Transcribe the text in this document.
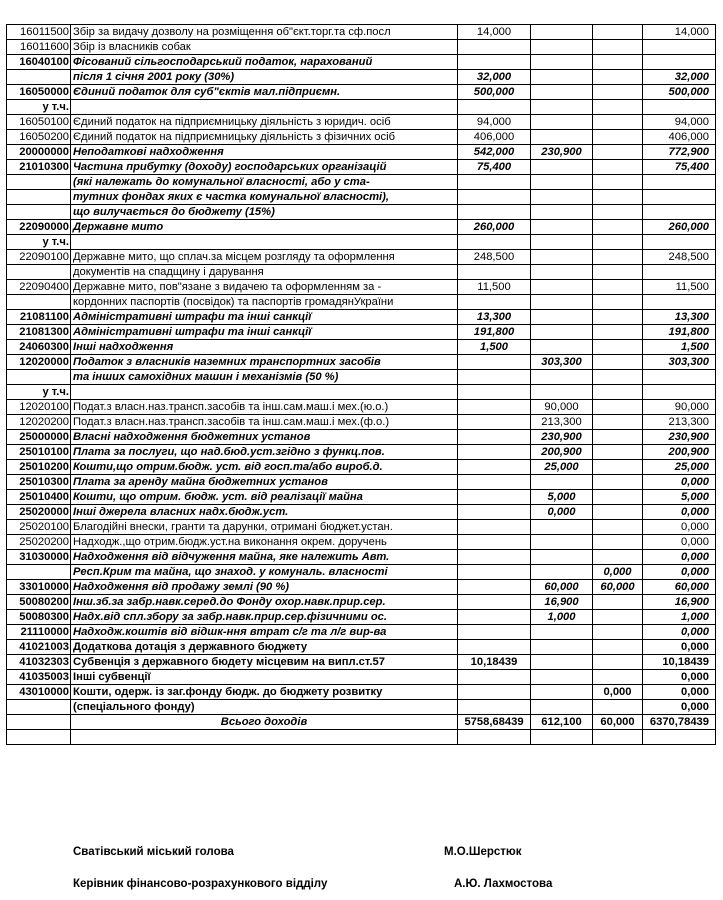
16011500	Збір за видачу дозволу на розміщення об"єкт.торг.та сф.посл	14,000			14,000
16011600	Збір із власників собак				
16040100	Фісований сільгосподарський податок, нарахований				
	після 1 січня 2001 року (30%)	32,000			32,000
16050000	Єдиний податок для суб"єктів мал.підприємн.	500,000			500,000
у т.ч.					
16050100	Єдиний податок на підприємницьку діяльність з юридич. осіб	94,000			94,000
16050200	Єдиний податок на підприємницьку діяльність з фізичних осіб	406,000			406,000
20000000	Неподаткові надходження	542,000	230,900		772,900
21010300	Частина прибутку (доходу) господарських організацій	75,400			75,400
	(які належать до комунальної власності, або у ста-				
	тутних фондах яких є частка комунальної власності),				
	що вилучається до бюджету (15%)				
22090000	Державне мито	260,000			260,000
у т.ч.					
22090100	Державне мито, що сплач.за місцем розгляду та оформлення	248,500			248,500
	документів на спадщину і дарування				
22090400	Державне мито, пов"язане з видачею та оформленням за -	11,500			11,500
	кордонних паспортів (посвідок) та паспортів громадянУкраїни				
21081100	Адміністративні штрафи та інші санкції	13,300			13,300
21081300	Адміністративні штрафи та інші санкції	191,800			191,800
24060300	Інші надходження	1,500			1,500
12020000	Податок з власників наземних транспортних засобів		303,300		303,300
	та інших самохідних машин і механізмів (50 %)				
у т.ч.					
12020100	Подат.з власн.наз.трансп.засобів та інш.сам.маш.і мех.(ю.о.)		90,000		90,000
12020200	Подат.з власн.наз.трансп.засобів та інш.сам.маш.і мех.(ф.о.)		213,300		213,300
25000000	Власні надходження бюджетних установ		230,900		230,900
25010100	Плата за послуги, що над.бюд.уст.згідно з функц.пов.		200,900		200,900
25010200	Кошти,що отрим.бюдж. уст. від госп.та/або вироб.д.		25,000		25,000
25010300	Плата за аренду майна бюджетних установ				0,000
25010400	Кошти, що отрим. бюдж. уст. від реалізації майна		5,000		5,000
25020000	Інші джерела власних надх.бюдж.уст.		0,000		0,000
25020100	Благодійні внески, гранти та дарунки, отримані бюджет.устан.				0,000
25020200	Надходж.,що отрим.бюдж.уст.на виконання окрем. доручень				0,000
31030000	Надходження від відчуження майна, яке належить Авт.				0,000
	Респ.Крим та майна, що знаход. у комуналь. власності			0,000	0,000
33010000	Надходження від продажу землі (90 %)		60,000	60,000	60,000
50080200	Інш.зб.за забр.навк.серед.до Фонду охор.навк.прир.сер.		16,900		16,900
50080300	Надх.від спл.збору за забр.навк.прир.сер.фізичними ос.		1,000		1,000
21110000	Надходж.коштів від відшк-ння втрат с/г та л/г вир-ва				0,000
41021003	Додаткова дотація з державного бюджету				0,000
41032303	Субвенція з державного бюдету місцевим на випл.ст.57	10,18439			10,18439
41035003	Інші субвенції				0,000
43010000	Кошти, одерж. із заг.фонду бюдж. до бюджету розвитку			0,000	0,000
	(спеціального фонду)				0,000
	Всього доходів	5758,68439	612,100	60,000	6370,78439

Сватівський міський голова	М.О.Шерстюк
Керівник фінансово-розрахункового відділу	А.Ю. Лахмостова
